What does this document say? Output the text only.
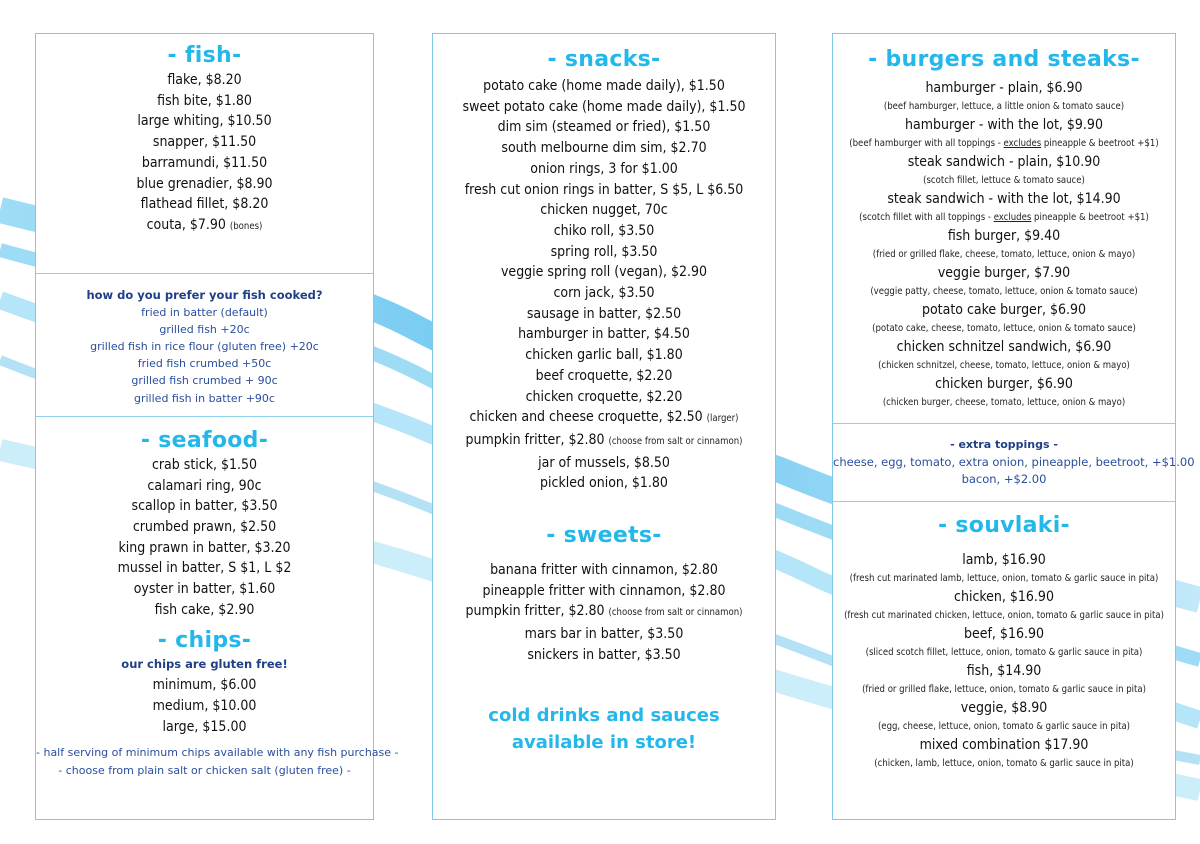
- fish-
flake, $8.20
fish bite, $1.80
large whiting, $10.50
snapper, $11.50
barramundi, $11.50
blue grenadier, $8.90
flathead fillet, $8.20
couta, $7.90 (bones)
how do you prefer your fish cooked?
fried in batter (default)
grilled fish +20c
grilled fish in rice flour (gluten free) +20c
fried fish crumbed +50c
grilled fish crumbed + 90c
grilled fish in batter +90c
- seafood-
crab stick, $1.50
calamari ring, 90c
scallop in batter, $3.50
crumbed prawn, $2.50
king prawn in batter, $3.20
mussel in batter, S $1, L $2
oyster in batter, $1.60
fish cake, $2.90
- chips-
our chips are gluten free!
minimum, $6.00
medium, $10.00
large, $15.00
- half serving of minimum chips available with any fish purchase -
- choose from plain salt or chicken salt (gluten free) -
- snacks-
potato cake (home made daily), $1.50
sweet potato cake (home made daily), $1.50
dim sim (steamed or fried), $1.50
south melbourne dim sim, $2.70
onion rings, 3 for $1.00
fresh cut onion rings in batter, S $5, L $6.50
chicken nugget, 70c
chiko roll, $3.50
spring roll, $3.50
veggie spring roll (vegan), $2.90
corn jack, $3.50
sausage in batter, $2.50
hamburger in batter, $4.50
chicken garlic ball, $1.80
beef croquette, $2.20
chicken croquette, $2.20
chicken and cheese croquette, $2.50 (larger)
pumpkin fritter, $2.80 (choose from salt or cinnamon)
jar of mussels, $8.50
pickled onion, $1.80
- sweets-
banana fritter with cinnamon, $2.80
pineapple fritter with cinnamon, $2.80
pumpkin fritter, $2.80 (choose from salt or cinnamon)
mars bar in batter, $3.50
snickers in batter, $3.50
cold drinks and sauces
available in store!
- burgers and steaks-
hamburger - plain, $6.90
(beef hamburger, lettuce, a little onion & tomato sauce)
hamburger - with the lot, $9.90
(beef hamburger with all toppings - excludes pineapple & beetroot +$1)
steak sandwich - plain, $10.90
(scotch fillet, lettuce & tomato sauce)
steak sandwich - with the lot, $14.90
(scotch fillet with all toppings - excludes pineapple & beetroot +$1)
fish burger, $9.40
(fried or grilled flake, cheese, tomato, lettuce, onion & mayo)
veggie burger, $7.90
(veggie patty, cheese, tomato, lettuce, onion & tomato sauce)
potato cake burger, $6.90
(potato cake, cheese, tomato, lettuce, onion & tomato sauce)
chicken schnitzel sandwich, $6.90
(chicken schnitzel, cheese, tomato, lettuce, onion & mayo)
chicken burger, $6.90
(chicken burger, cheese, tomato, lettuce, onion & mayo)
- extra toppings -
cheese, egg, tomato, extra onion, pineapple, beetroot, +$1.00
bacon, +$2.00
- souvlaki-
lamb, $16.90
(fresh cut marinated lamb, lettuce, onion, tomato & garlic sauce in pita)
chicken, $16.90
(fresh cut marinated chicken, lettuce, onion, tomato & garlic sauce in pita)
beef, $16.90
(sliced scotch fillet, lettuce, onion, tomato & garlic sauce in pita)
fish, $14.90
(fried or grilled flake, lettuce, onion, tomato & garlic sauce in pita)
veggie, $8.90
(egg, cheese, lettuce, onion, tomato & garlic sauce in pita)
mixed combination $17.90
(chicken, lamb, lettuce, onion, tomato & garlic sauce in pita)
